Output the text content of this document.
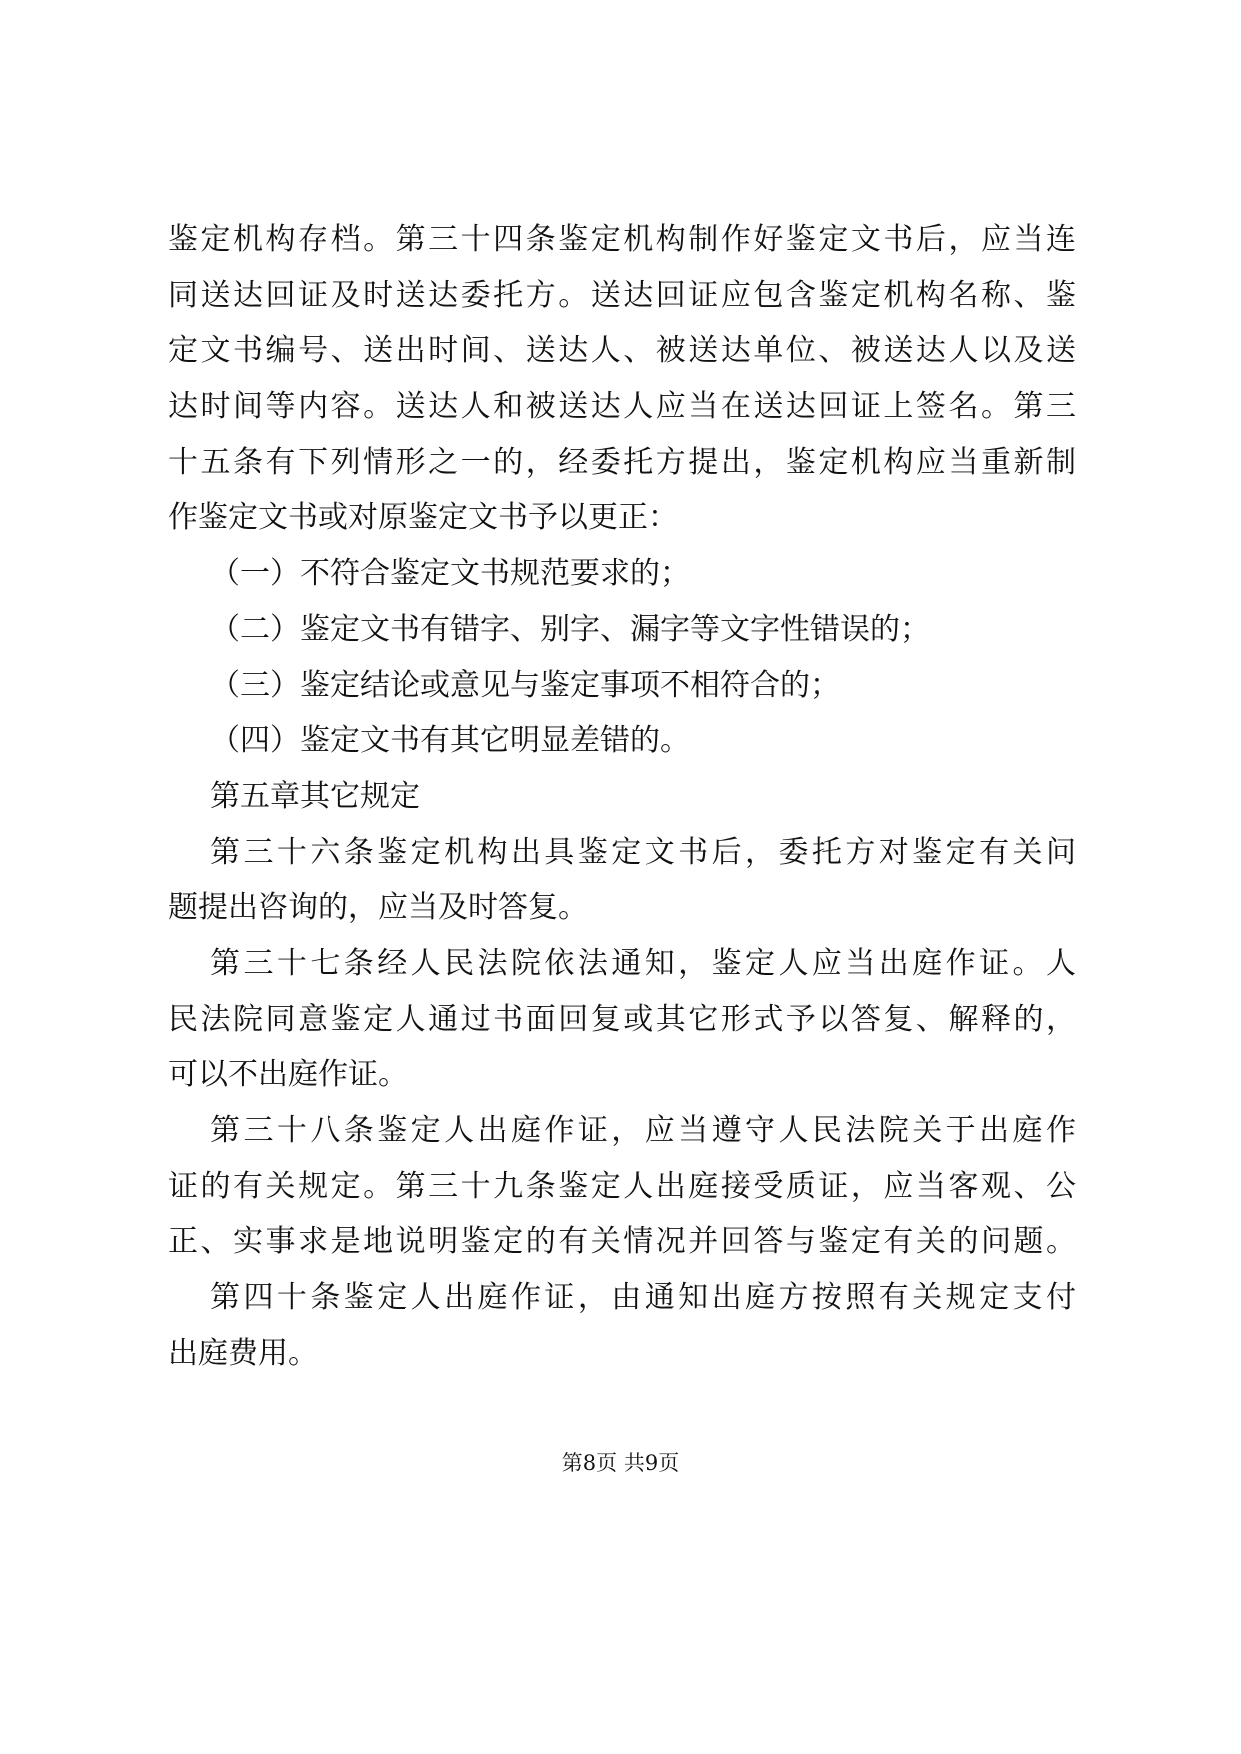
鉴定机构存档。第三十四条鉴定机构制作好鉴定文书后，应当连
同送达回证及时送达委托方。送达回证应包含鉴定机构名称、鉴
定文书编号、送出时间、送达人、被送达单位、被送达人以及送
达时间等内容。送达人和被送达人应当在送达回证上签名。第三
十五条有下列情形之一的，经委托方提出，鉴定机构应当重新制
作鉴定文书或对原鉴定文书予以更正：
（一）不符合鉴定文书规范要求的；
（二）鉴定文书有错字、别字、漏字等文字性错误的；
（三）鉴定结论或意见与鉴定事项不相符合的；
（四）鉴定文书有其它明显差错的。
第五章其它规定
第三十六条鉴定机构出具鉴定文书后，委托方对鉴定有关问
题提出咨询的，应当及时答复。
第三十七条经人民法院依法通知，鉴定人应当出庭作证。人
民法院同意鉴定人通过书面回复或其它形式予以答复、解释的，
可以不出庭作证。
第三十八条鉴定人出庭作证，应当遵守人民法院关于出庭作
证的有关规定。第三十九条鉴定人出庭接受质证，应当客观、公
正、实事求是地说明鉴定的有关情况并回答与鉴定有关的问题。
第四十条鉴定人出庭作证，由通知出庭方按照有关规定支付
出庭费用。
第8页 共9页
